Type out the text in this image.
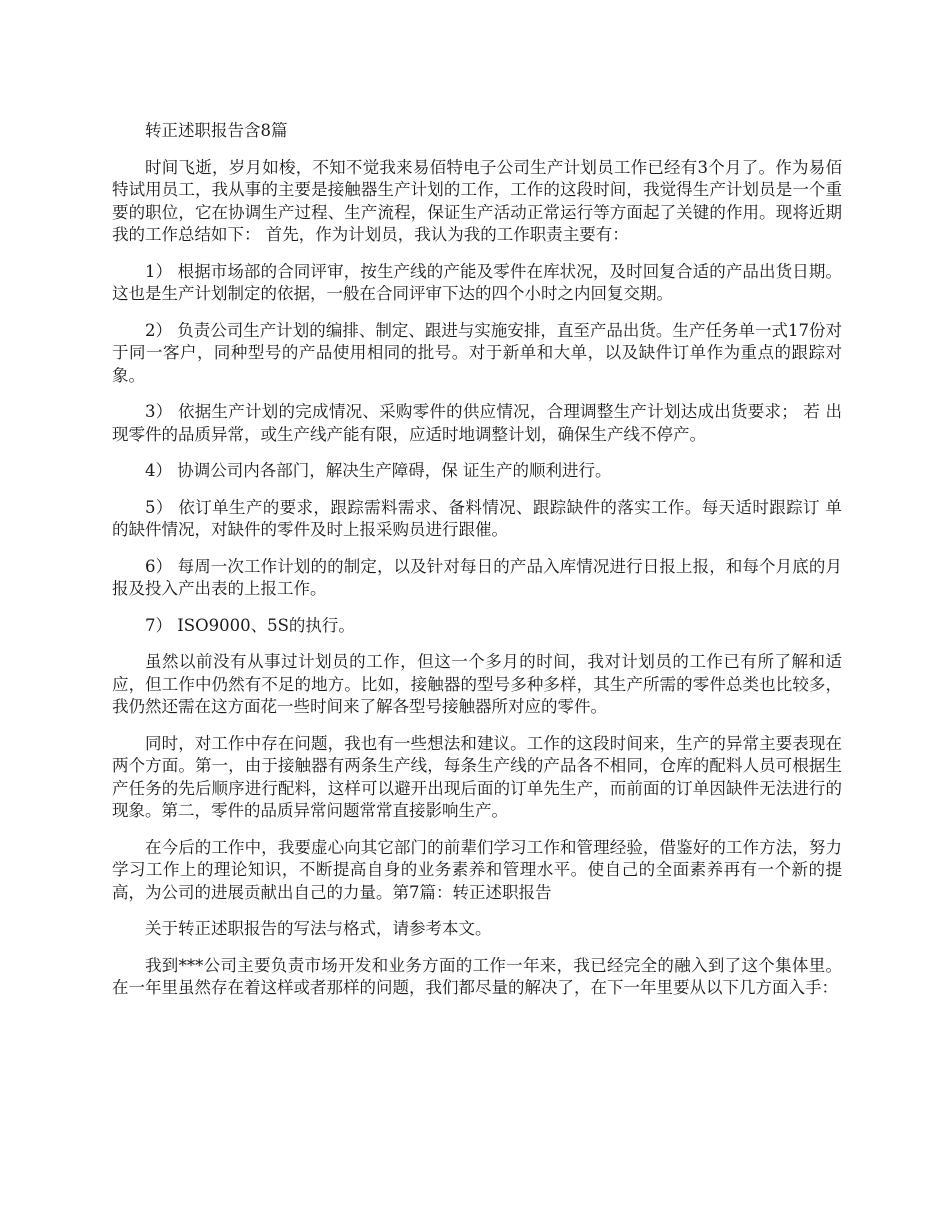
转正述职报告含8篇

时间飞逝，岁月如梭，不知不觉我来易佰特电子公司生产计划员工作已经有3个月了。作为易佰特试用员工，我从事的主要是接触器生产计划的工作，工作的这段时间，我觉得生产计划员是一个重要的职位，它在协调生产过程、生产流程，保证生产活动正常运行等方面起了关键的作用。现将近期我的工作总结如下： 首先，作为计划员，我认为我的工作职责主要有：

1） 根据市场部的合同评审，按生产线的产能及零件在库状况，及时回复合适的产品出货日期。这也是生产计划制定的依据，一般在合同评审下达的四个小时之内回复交期。

2） 负责公司生产计划的编排、制定、跟进与实施安排，直至产品出货。生产任务单一式17份对于同一客户，同种型号的产品使用相同的批号。对于新单和大单，以及缺件订单作为重点的跟踪对象。

3） 依据生产计划的完成情况、采购零件的供应情况，合理调整生产计划达成出货要求； 若 出现零件的品质异常，或生产线产能有限，应适时地调整计划，确保生产线不停产。

4） 协调公司内各部门，解决生产障碍，保 证生产的顺利进行。

5） 依订单生产的要求，跟踪需料需求、备料情况、跟踪缺件的落实工作。每天适时跟踪订 单的缺件情况，对缺件的零件及时上报采购员进行跟催。

6） 每周一次工作计划的的制定，以及针对每日的产品入库情况进行日报上报，和每个月底的月报及投入产出表的上报工作。

7） ISO9000、5S的执行。

虽然以前没有从事过计划员的工作，但这一个多月的时间，我对计划员的工作已有所了解和适应，但工作中仍然有不足的地方。比如，接触器的型号多种多样，其生产所需的零件总类也比较多，我仍然还需在这方面花一些时间来了解各型号接触器所对应的零件。

同时，对工作中存在问题，我也有一些想法和建议。工作的这段时间来，生产的异常主要表现在两个方面。第一，由于接触器有两条生产线，每条生产线的产品各不相同，仓库的配料人员可根据生产任务的先后顺序进行配料，这样可以避开出现后面的订单先生产，而前面的订单因缺件无法进行的现象。第二，零件的品质异常问题常常直接影响生产。

在今后的工作中，我要虚心向其它部门的前辈们学习工作和管理经验，借鉴好的工作方法，努力学习工作上的理论知识，不断提高自身的业务素养和管理水平。使自己的全面素养再有一个新的提高，为公司的进展贡献出自己的力量。第7篇：转正述职报告

关于转正述职报告的写法与格式，请参考本文。

我到***公司主要负责市场开发和业务方面的工作一年来，我已经完全的融入到了这个集体里。在一年里虽然存在着这样或者那样的问题，我们都尽量的解决了，在下一年里要从以下几方面入手：
